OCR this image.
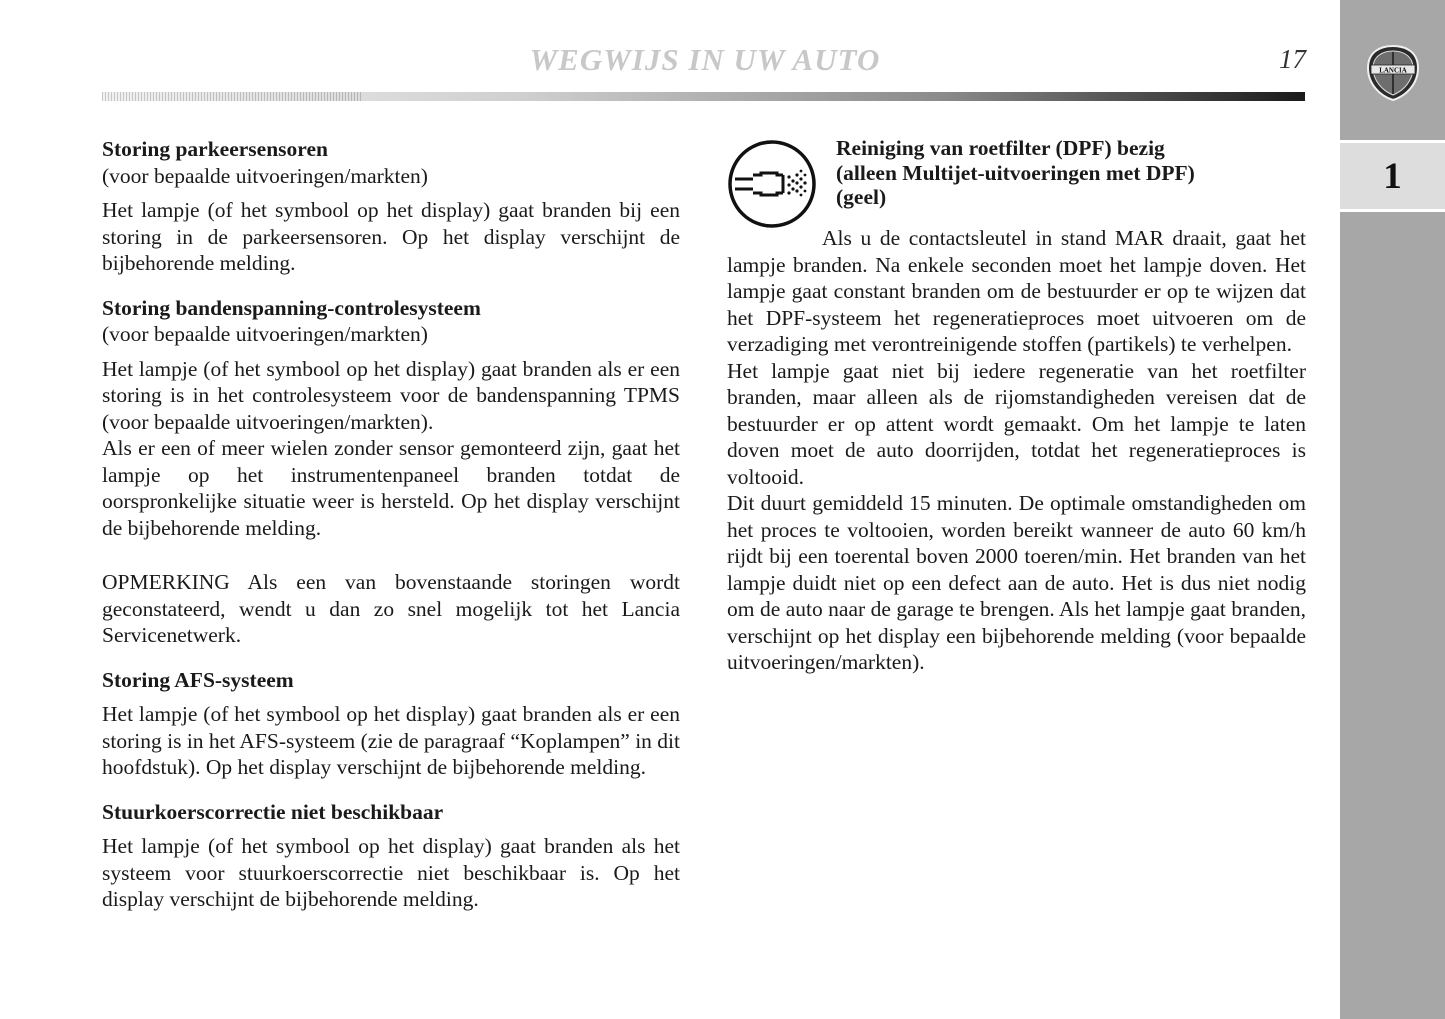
WEGWIJS IN UW AUTO	17	LANCIA
1

Storing parkeersensoren

(voor bepaalde uitvoeringen/markten)

Het lampje (of het symbool op het display) gaat branden bij een storing in de parkeersensoren. Op het display verschijnt de bijbehorende melding.

Storing bandenspanning-controlesysteem

(voor bepaalde uitvoeringen/markten)

Het lampje (of het symbool op het display) gaat branden als er een storing is in het controlesysteem voor de bandenspanning TPMS (voor bepaalde uitvoeringen/markten).

Als er een of meer wielen zonder sensor gemonteerd zijn, gaat het lampje op het instrumentenpaneel branden totdat de oorspronkelijke situatie weer is hersteld. Op het display verschijnt de bijbehorende melding.

OPMERKING Als een van bovenstaande storingen wordt geconstateerd, wendt u dan zo snel mogelijk tot het Lancia Servicenetwerk.

Storing AFS-systeem

Het lampje (of het symbool op het display) gaat branden als er een storing is in het AFS-systeem (zie de paragraaf “Koplampen” in dit hoofdstuk). Op het display verschijnt de bijbehorende melding.

Stuurkoerscorrectie niet beschikbaar

Het lampje (of het symbool op het display) gaat branden als het systeem voor stuurkoerscorrectie niet beschikbaar is. Op het display verschijnt de bijbehorende melding.

Reiniging van roetfilter (DPF) bezig
(alleen Multijet-uitvoeringen met DPF)
(geel)

Als u de contactsleutel in stand MAR draait, gaat het lampje branden. Na enkele seconden moet het lampje doven. Het lampje gaat constant branden om de bestuurder er op te wijzen dat het DPF-systeem het regeneratieproces moet uitvoeren om de verzadiging met verontreinigende stoffen (partikels) te verhelpen.

Het lampje gaat niet bij iedere regeneratie van het roetfilter branden, maar alleen als de rijomstandigheden vereisen dat de bestuurder er op attent wordt gemaakt. Om het lampje te laten doven moet de auto doorrijden, totdat het regeneratieproces is voltooid.

Dit duurt gemiddeld 15 minuten. De optimale omstandigheden om het proces te voltooien, worden bereikt wanneer de auto 60 km/h rijdt bij een toerental boven 2000 toeren/min. Het branden van het lampje duidt niet op een defect aan de auto. Het is dus niet nodig om de auto naar de garage te brengen. Als het lampje gaat branden, verschijnt op het display een bijbehorende melding (voor bepaalde uitvoeringen/markten).
